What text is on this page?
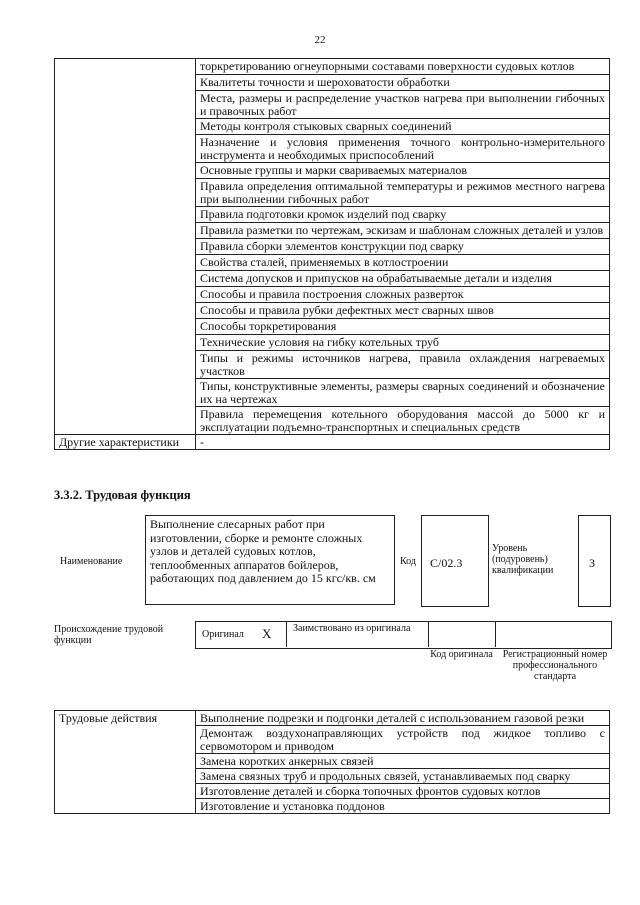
22
	торкретированию огнеупорными составами поверхности судовых котлов
	Квалитеты точности и шероховатости обработки
	Места, размеры и распределение участков нагрева при выполнении гибочных и правочных работ
	Методы контроля стыковых сварных соединений
	Назначение и условия применения точного контрольно-измерительного инструмента и необходимых приспособлений
	Основные группы и марки свариваемых материалов
	Правила определения оптимальной температуры и режимов местного нагрева при выполнении гибочных работ
	Правила подготовки кромок изделий под сварку
	Правила разметки по чертежам, эскизам и шаблонам сложных деталей и узлов
	Правила сборки элементов конструкции под сварку
	Свойства сталей, применяемых в котлостроении
	Система допусков и припусков на обрабатываемые детали и изделия
	Способы и правила построения сложных разверток
	Способы и правила рубки дефектных мест сварных швов
	Способы торкретирования
	Технические условия на гибку котельных труб
	Типы и режимы источников нагрева, правила охлаждения нагреваемых участков
	Типы, конструктивные элементы, размеры сварных соединений и обозначение их на чертежах
	Правила перемещения котельного оборудования массой до 5000 кг и эксплуатации подъемно-транспортных и специальных средств
Другие характеристики	-
3.3.2. Трудовая функция
Наименование
Выполнение слесарных работ при изготовлении, сборке и ремонте сложных узлов и деталей судовых котлов, теплообменных аппаратов бойлеров, работающих под давлением до 15 кгс/кв. см
Код C/02.3
Уровень (подуровень) квалификации
3
Происхождение трудовой функции
Оригинал X Заимствовано из оригинала
Код оригинала Регистрационный номер профессионального стандарта
Трудовые действия	Выполнение подрезки и подгонки деталей с использованием газовой резки
Демонтаж воздухонаправляющих устройств под жидкое топливо с сервомотором и приводом
Замена коротких анкерных связей
Замена связных труб и продольных связей, устанавливаемых под сварку
Изготовление деталей и сборка топочных фронтов судовых котлов
Изготовление и установка поддонов
